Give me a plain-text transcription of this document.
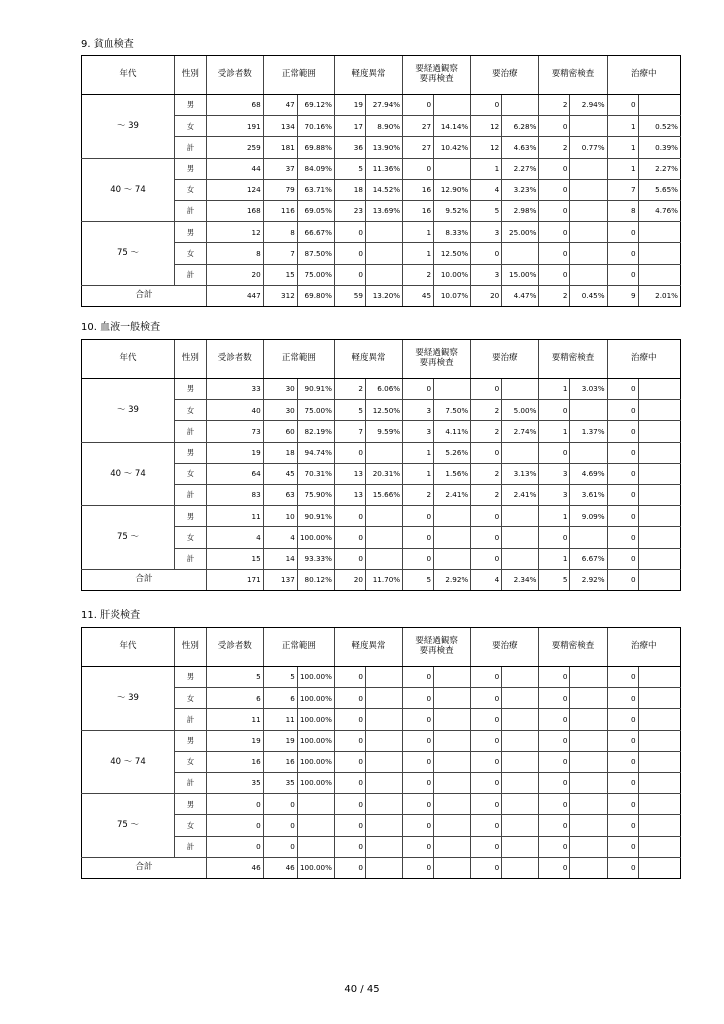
9. 貧血検査
年代	性別	受診者数	正常範囲		軽度異常		要経過観察
要再検査		要治療		要精密検査		治療中	
～ 39	男	68	47	69.12%	19	27.94%	0		0		2	2.94%	0	
	女	191	134	70.16%	17	8.90%	27	14.14%	12	6.28%	0		1	0.52%
	計	259	181	69.88%	36	13.90%	27	10.42%	12	4.63%	2	0.77%	1	0.39%
40 ～ 74	男	44	37	84.09%	5	11.36%	0		1	2.27%	0		1	2.27%
	女	124	79	63.71%	18	14.52%	16	12.90%	4	3.23%	0		7	5.65%
	計	168	116	69.05%	23	13.69%	16	9.52%	5	2.98%	0		8	4.76%
75 ～	男	12	8	66.67%	0		1	8.33%	3	25.00%	0		0	
	女	8	7	87.50%	0		1	12.50%	0		0		0	
	計	20	15	75.00%	0		2	10.00%	3	15.00%	0		0	
合計		447	312	69.80%	59	13.20%	45	10.07%	20	4.47%	2	0.45%	9	2.01%
10. 血液一般検査
年代	性別	受診者数	正常範囲		軽度異常		要経過観察
要再検査		要治療		要精密検査		治療中	
～ 39	男	33	30	90.91%	2	6.06%	0		0		1	3.03%	0	
	女	40	30	75.00%	5	12.50%	3	7.50%	2	5.00%	0		0	
	計	73	60	82.19%	7	9.59%	3	4.11%	2	2.74%	1	1.37%	0	
40 ～ 74	男	19	18	94.74%	0		1	5.26%	0		0		0	
	女	64	45	70.31%	13	20.31%	1	1.56%	2	3.13%	3	4.69%	0	
	計	83	63	75.90%	13	15.66%	2	2.41%	2	2.41%	3	3.61%	0	
75 ～	男	11	10	90.91%	0		0		0		1	9.09%	0	
	女	4	4	100.00%	0		0		0		0		0	
	計	15	14	93.33%	0		0		0		1	6.67%	0	
合計		171	137	80.12%	20	11.70%	5	2.92%	4	2.34%	5	2.92%	0	
11. 肝炎検査
年代	性別	受診者数	正常範囲		軽度異常		要経過観察
要再検査		要治療		要精密検査		治療中	
～ 39	男	5	5	100.00%	0		0		0		0		0	
	女	6	6	100.00%	0		0		0		0		0	
	計	11	11	100.00%	0		0		0		0		0	
40 ～ 74	男	19	19	100.00%	0		0		0		0		0	
	女	16	16	100.00%	0		0		0		0		0	
	計	35	35	100.00%	0		0		0		0		0	
75 ～	男	0	0		0		0		0		0		0	
	女	0	0		0		0		0		0		0	
	計	0	0		0		0		0		0		0	
合計		46	46	100.00%	0		0		0		0		0	
40 / 45
